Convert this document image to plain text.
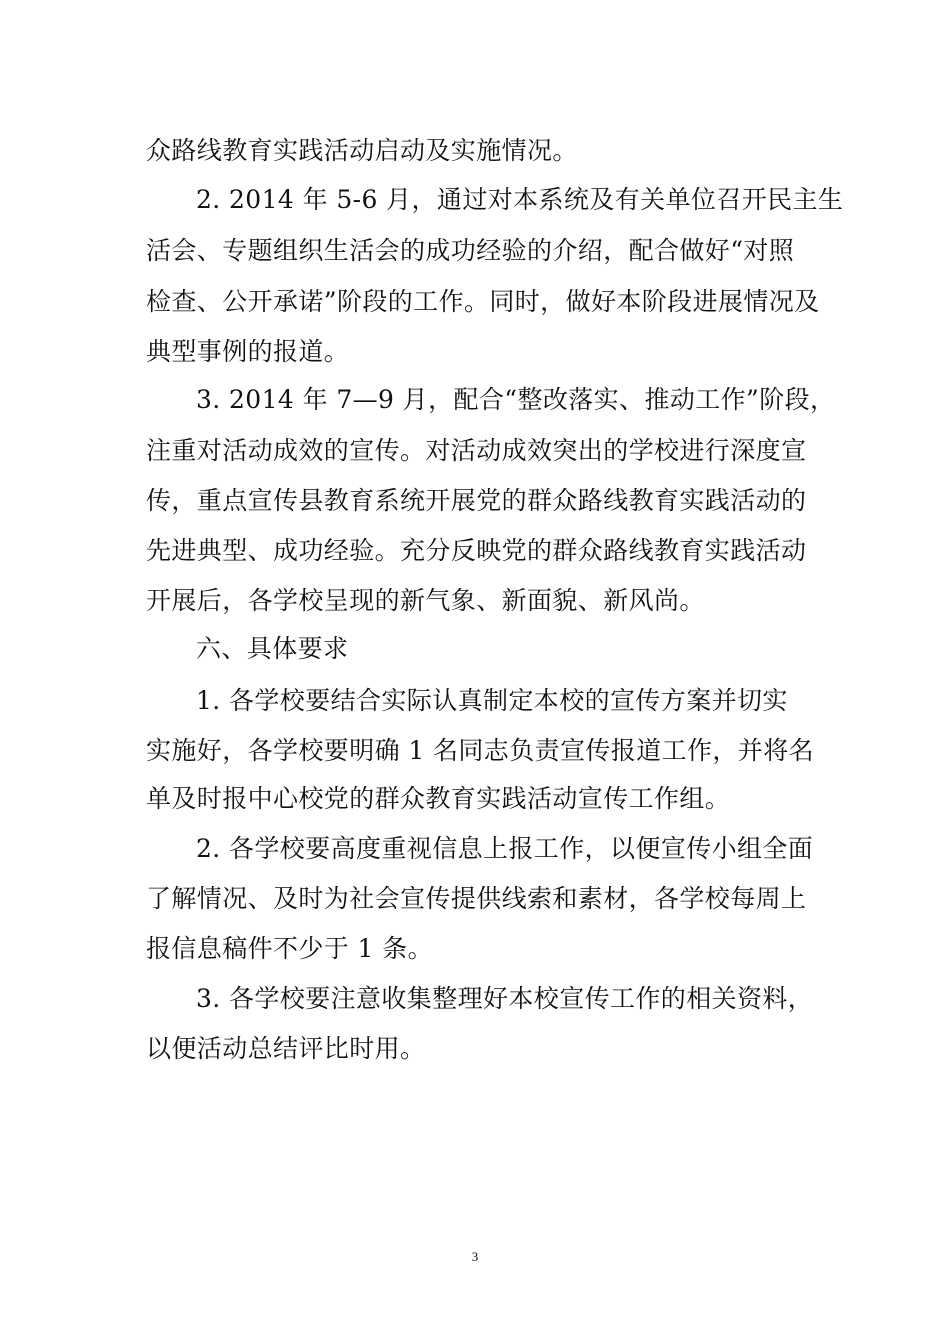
众路线教育实践活动启动及实施情况。
2. 2014 年 5-6 月，通过对本系统及有关单位召开民主生
活会、专题组织生活会的成功经验的介绍，配合做好“对照
检查、公开承诺”阶段的工作。同时，做好本阶段进展情况及
典型事例的报道。
3. 2014 年 7—9 月，配合“整改落实、推动工作”阶段，
注重对活动成效的宣传。对活动成效突出的学校进行深度宣
传，重点宣传县教育系统开展党的群众路线教育实践活动的
先进典型、成功经验。充分反映党的群众路线教育实践活动
开展后，各学校呈现的新气象、新面貌、新风尚。
六、具体要求
1. 各学校要结合实际认真制定本校的宣传方案并切实
实施好，各学校要明确 1 名同志负责宣传报道工作，并将名
单及时报中心校党的群众教育实践活动宣传工作组。
2. 各学校要高度重视信息上报工作，以便宣传小组全面
了解情况、及时为社会宣传提供线索和素材，各学校每周上
报信息稿件不少于 1 条。
3. 各学校要注意收集整理好本校宣传工作的相关资料，
以便活动总结评比时用。
3
